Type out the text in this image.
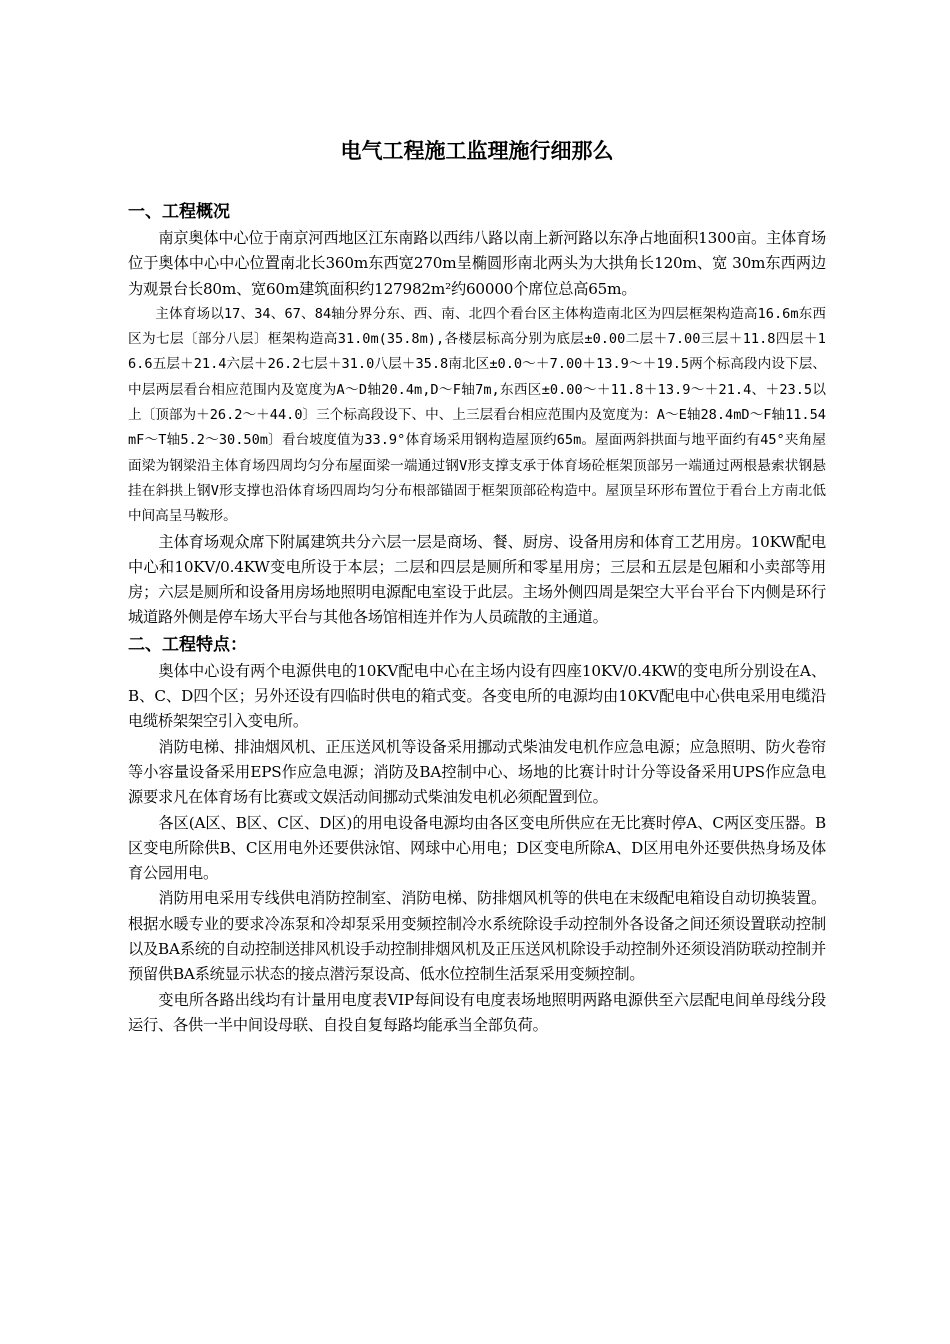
电气工程施工监理施行细那么
一、工程概况

南京奥体中心位于南京河西地区江东南路以西纬八路以南上新河路以东净占地面积1300亩。主体育场位于奥体中心中心位置南北长360m东西宽270m呈椭圆形南北两头为大拱角长120m、宽 30m东西两边为观景台长80m、宽60m建筑面积约127982m²约60000个席位总高65m。

主体育场以17、34、67、84轴分界分东、西、南、北四个看台区主体构造南北区为四层框架构造高16.6m东西区为七层〔部分八层〕框架构造高31.0m(35.8m),各楼层标高分别为底层±0.00二层＋7.00三层＋11.8四层＋16.6五层＋21.4六层＋26.2七层＋31.0八层＋35.8南北区±0.0～＋7.00＋13.9～＋19.5两个标高段内设下层、中层两层看台相应范围内及宽度为A～D轴20.4m,D～F轴7m,东西区±0.00～＋11.8＋13.9～＋21.4、＋23.5以上〔顶部为＋26.2～＋44.0〕三个标高段设下、中、上三层看台相应范围内及宽度为：A～E轴28.4mD～F轴11.54mF～T轴5.2～30.50m〕看台坡度值为33.9°体育场采用钢构造屋顶约65m。屋面两斜拱面与地平面约有45°夹角屋面梁为钢梁沿主体育场四周均匀分布屋面梁一端通过钢V形支撑支承于体育场砼框架顶部另一端通过两根悬索状钢悬挂在斜拱上钢V形支撑也沿体育场四周均匀分布根部锚固于框架顶部砼构造中。屋顶呈环形布置位于看台上方南北低中间高呈马鞍形。

主体育场观众席下附属建筑共分六层一层是商场、餐、厨房、设备用房和体育工艺用房。10KW配电中心和10KV/0.4KW变电所设于本层；二层和四层是厕所和零星用房；三层和五层是包厢和小卖部等用房；六层是厕所和设备用房场地照明电源配电室设于此层。主场外侧四周是架空大平台平台下内侧是环行城道路外侧是停车场大平台与其他各场馆相连并作为人员疏散的主通道。

二、工程特点：

奥体中心设有两个电源供电的10KV配电中心在主场内设有四座10KV/0.4KW的变电所分别设在A、B、C、D四个区；另外还设有四临时供电的箱式变。各变电所的电源均由10KV配电中心供电采用电缆沿电缆桥架架空引入变电所。

消防电梯、排油烟风机、正压送风机等设备采用挪动式柴油发电机作应急电源；应急照明、防火卷帘等小容量设备采用EPS作应急电源；消防及BA控制中心、场地的比赛计时计分等设备采用UPS作应急电源要求凡在体育场有比赛或文娱活动间挪动式柴油发电机必须配置到位。

各区(A区、B区、C区、D区)的用电设备电源均由各区变电所供应在无比赛时停A、C两区变压器。B区变电所除供B、C区用电外还要供泳馆、网球中心用电；D区变电所除A、D区用电外还要供热身场及体育公园用电。

消防用电采用专线供电消防控制室、消防电梯、防排烟风机等的供电在末级配电箱设自动切换装置。根据水暖专业的要求冷冻泵和冷却泵采用变频控制冷水系统除设手动控制外各设备之间还须设置联动控制以及BA系统的自动控制送排风机设手动控制排烟风机及正压送风机除设手动控制外还须设消防联动控制并预留供BA系统显示状态的接点潜污泵设高、低水位控制生活泵采用变频控制。

变电所各路出线均有计量用电度表VIP每间设有电度表场地照明两路电源供至六层配电间单母线分段运行、各供一半中间设母联、自投自复每路均能承当全部负荷。
